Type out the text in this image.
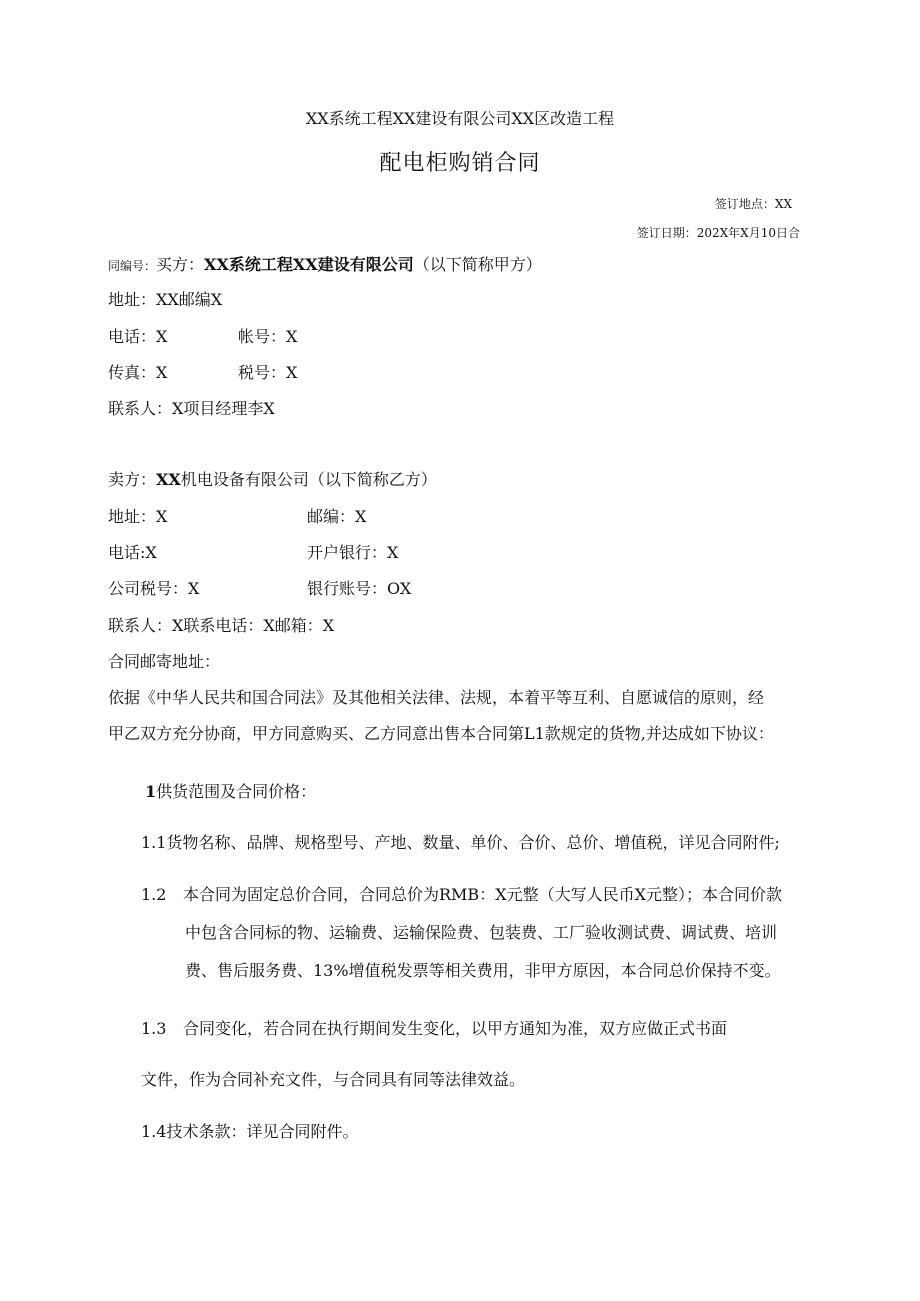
XX系统工程XX建设有限公司XX区改造工程
配电柜购销合同
签订地点：XX
签订日期：202X年X月10日合
同编号：买方：XX系统工程XX建设有限公司（以下简称甲方）
地址：XX邮编X
电话：X	帐号：X
传真：X	税号：X
联系人：X项目经理李X
卖方：XX机电设备有限公司（以下简称乙方）
地址：X	邮编：X
电话:X	开户银行：X
公司税号：X	银行账号：OX
联系人：X联系电话：X邮箱：X
合同邮寄地址：
依据《中华人民共和国合同法》及其他相关法律、法规，本着平等互利、自愿诚信的原则，经
甲乙双方充分协商，甲方同意购买、乙方同意出售本合同第L1款规定的货物,并达成如下协议：
1供货范围及合同价格：
1.1货物名称、品牌、规格型号、产地、数量、单价、合价、总价、增值税，详见合同附件;
1.2 本合同为固定总价合同，合同总价为RMB：X元整（大写人民币X元整）；本合同价款
中包含合同标的物、运输费、运输保险费、包装费、工厂验收测试费、调试费、培训
费、售后服务费、13%增值税发票等相关费用，非甲方原因，本合同总价保持不变。
1.3 合同变化，若合同在执行期间发生变化，以甲方通知为准，双方应做正式书面
文件，作为合同补充文件，与合同具有同等法律效益。
1.4技术条款：详见合同附件。
